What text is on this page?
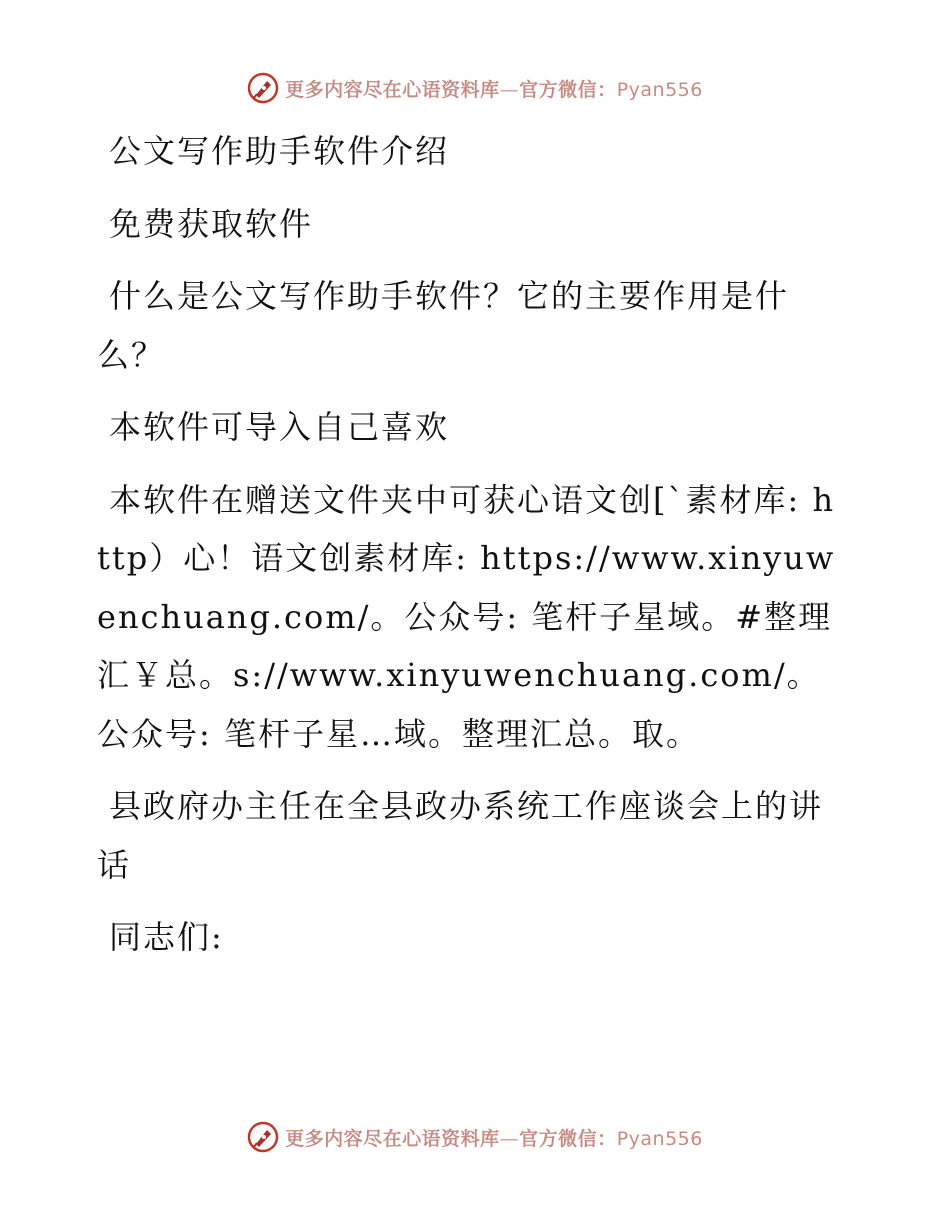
更多内容尽在心语资料库—官方微信：Pyan556

公文写作助手软件介绍

免费获取软件

什么是公文写作助手软件？它的主要作用是什么？

本软件可导入自己喜欢

本软件在赠送文件夹中可获心语文创[`素材库: http）心！语文创素材库: https://www.xinyuwenchuang.com/。公众号: 笔杆子星域。#整理汇￥总。s://www.xinyuwenchuang.com/。公众号: 笔杆子星…域。整理汇总。取。

县政府办主任在全县政办系统工作座谈会上的讲话

同志们:

更多内容尽在心语资料库—官方微信：Pyan556
